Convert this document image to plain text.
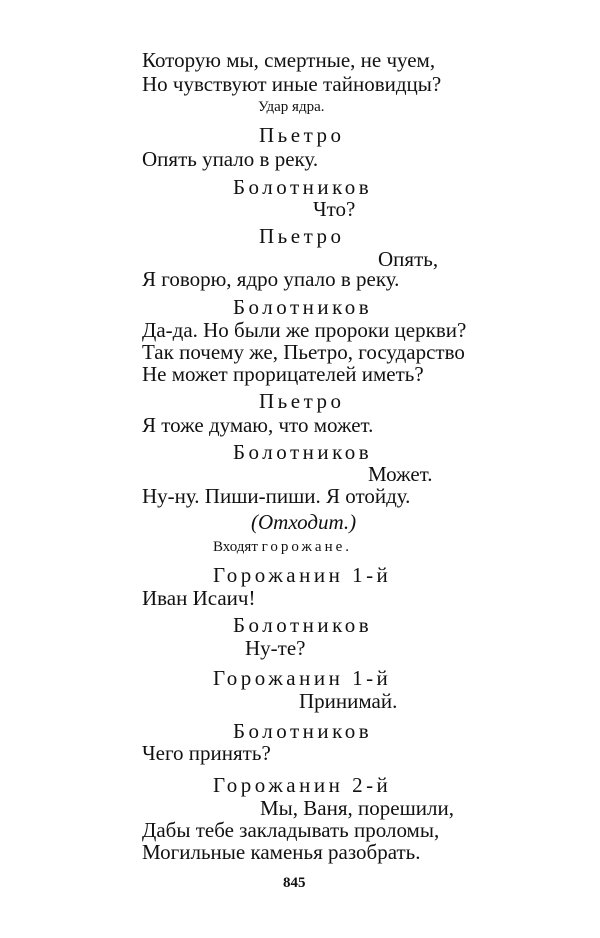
Которую мы, смертные, не чуем,
Но чувствуют иные тайновидцы?
Удар ядра.
Пьетро
Опять упало в реку.
Болотников
Что?
Пьетро
Опять,
Я говорю, ядро упало в реку.
Болотников
Да-да. Но были же пророки церкви?
Так почему же, Пьетро, государство
Не может прорицателей иметь?
Пьетро
Я тоже думаю, что может.
Болотников
Может.
Ну-ну. Пиши-пиши. Я отойду.
(Отходит.)
Входят горожане.
Горожанин 1-й
Иван Исаич!
Болотников
Ну-те?
Горожанин 1-й
Принимай.
Болотников
Чего принять?
Горожанин 2-й
Мы, Ваня, порешили,
Дабы тебе закладывать проломы,
Могильные каменья разобрать.
845
